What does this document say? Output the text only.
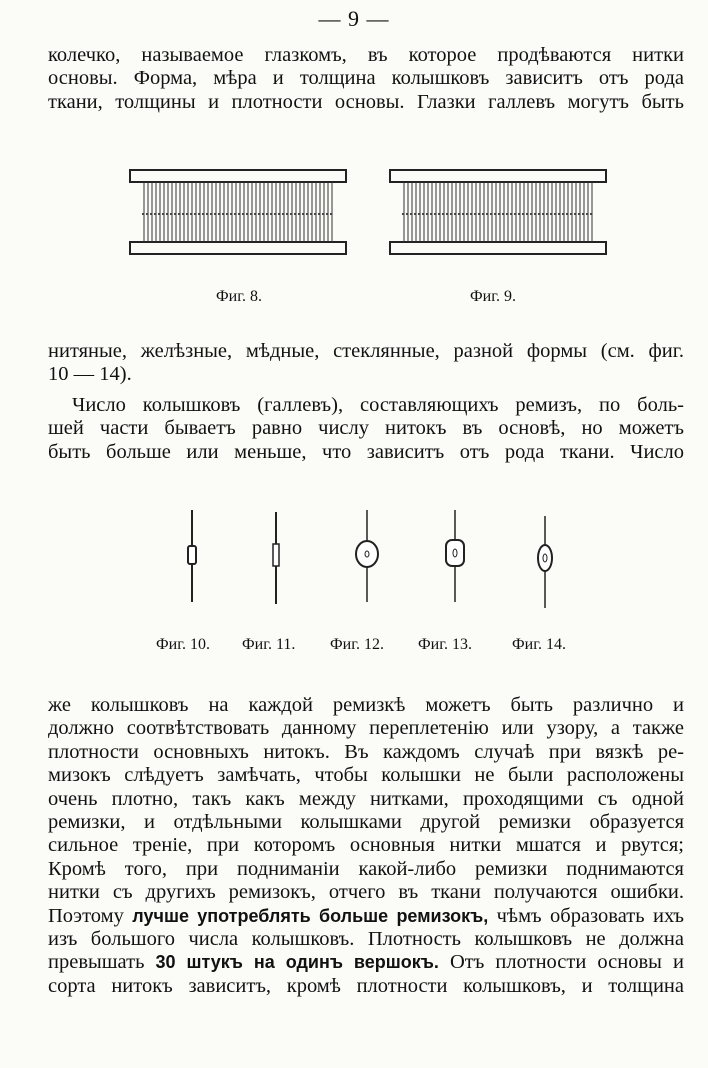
— 9 —
колечко, называемое глазкомъ, въ которое продѣваются нитки
основы. Форма, мѣра и толщина колышковъ зависитъ отъ рода
ткани, толщины и плотности основы. Глазки галлевъ могутъ быть
Фиг. 8.	Фиг. 9.
нитяные, желѣзные, мѣдные, стеклянные, разной формы (см. фиг.
10 — 14).
Число колышковъ (галлевъ), составляющихъ ремизъ, по боль-
шей части бываетъ равно числу нитокъ въ основѣ, но можетъ
быть больше или меньше, что зависитъ отъ рода ткани. Число
Фиг. 10. Фиг. 11. Фиг. 12. Фиг. 13.	Фиг. 14.
же колышковъ на каждой ремизкѣ можетъ быть различно и
должно соотвѣтствовать данному переплетенію или узору, а также
плотности основныхъ нитокъ. Въ каждомъ случаѣ при вязкѣ ре-
мизокъ слѣдуетъ замѣчать, чтобы колышки не были расположены
очень плотно, такъ какъ между нитками, проходящими съ одной
ремизки, и отдѣльными колышками другой ремизки образуется
сильное треніе, при которомъ основныя нитки мшатся и рвутся;
Кромѣ того, при подниманіи какой-либо ремизки поднимаются
нитки съ другихъ ремизокъ, отчего въ ткани получаются ошибки.
Поэтому лучше употреблять больше ремизокъ, чѣмъ образовать ихъ
изъ большого числа колышковъ. Плотность колышковъ не должна
превышать 30 штукъ на одинъ вершокъ. Отъ плотности основы и
сорта нитокъ зависитъ, кромѣ плотности колышковъ, и толщина
